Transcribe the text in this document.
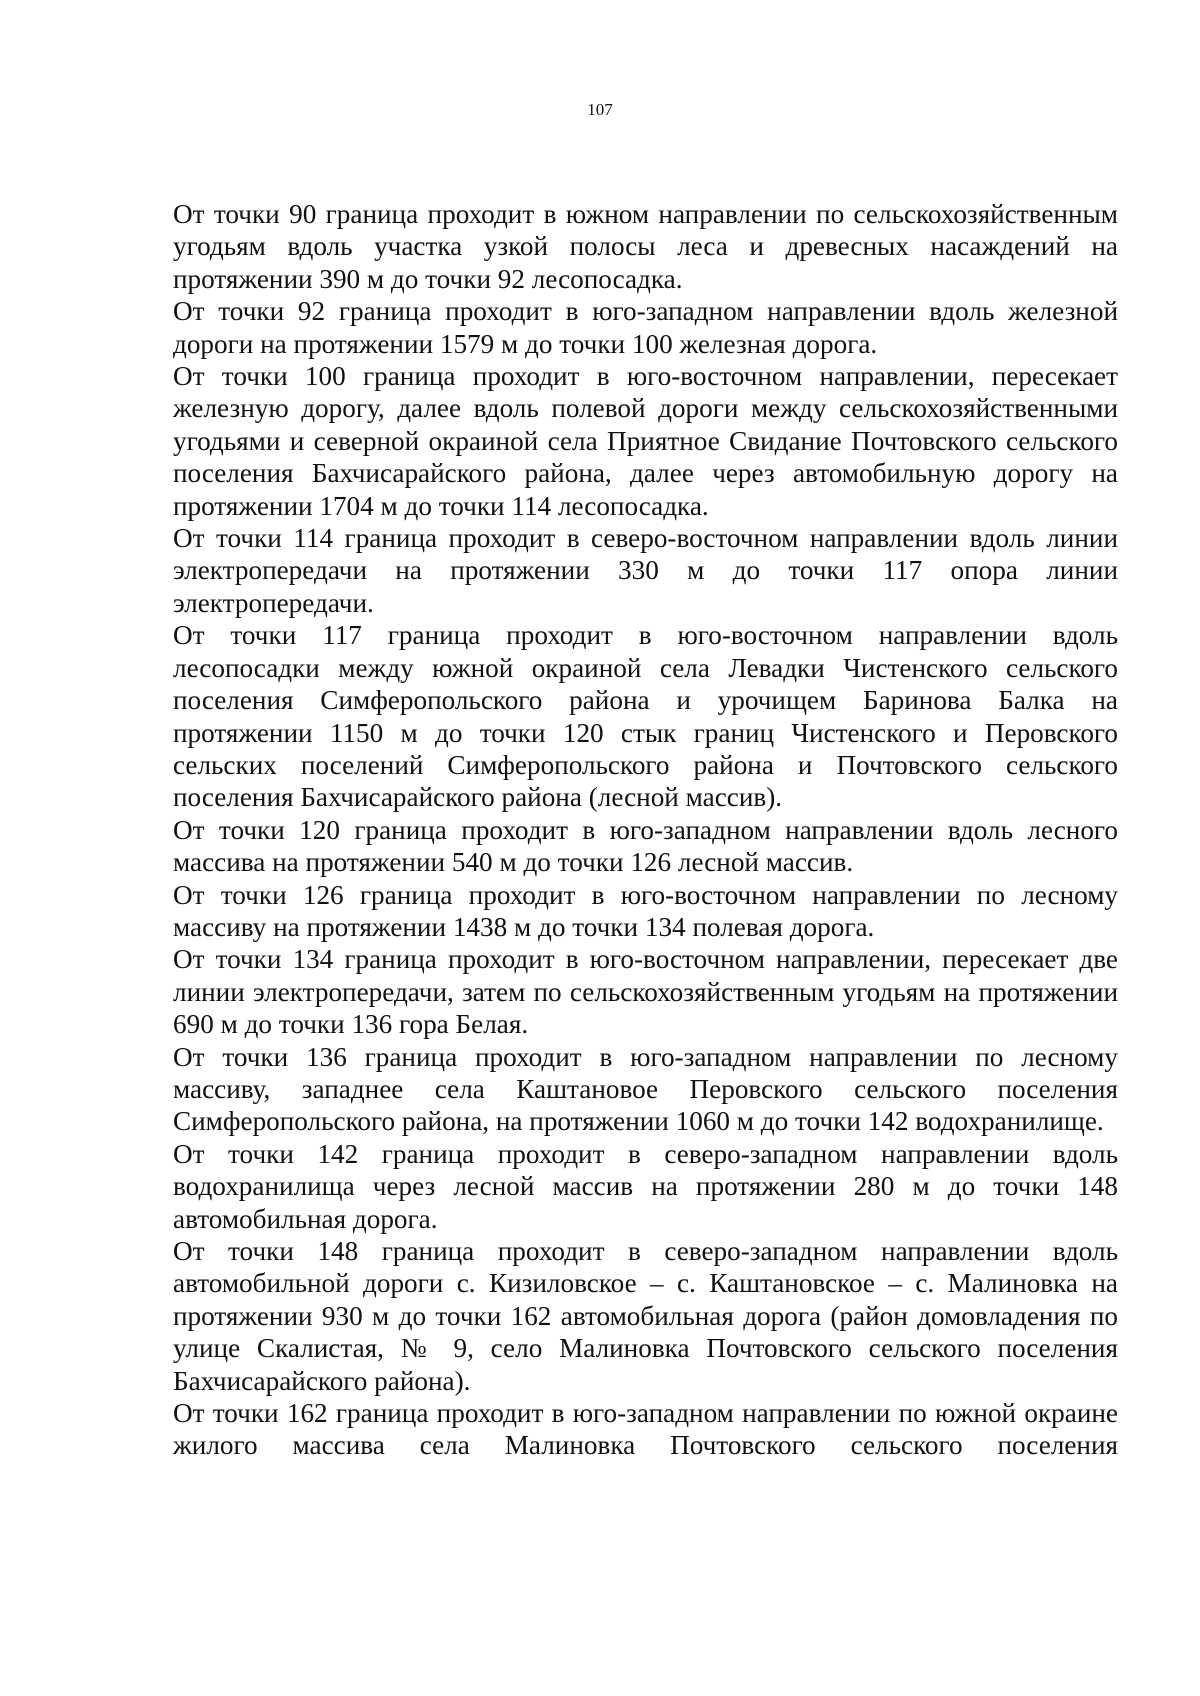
107

От точки 90 граница проходит в южном направлении по сельскохозяйственным угодьям вдоль участка узкой полосы леса и древесных насаждений на протяжении 390 м до точки 92 лесопосадка.

От точки 92 граница проходит в юго-западном направлении вдоль железной дороги на протяжении 1579 м до точки 100 железная дорога.

От точки 100 граница проходит в юго-восточном направлении, пересекает железную дорогу, далее вдоль полевой дороги между сельскохозяйственными угодьями и северной окраиной села Приятное Свидание Почтовского сельского поселения Бахчисарайского района, далее через автомобильную дорогу на протяжении 1704 м до точки 114 лесопосадка.

От точки 114 граница проходит в северо-восточном направлении вдоль линии электропередачи на протяжении 330 м до точки 117 опора линии электропередачи.

От точки 117 граница проходит в юго-восточном направлении вдоль лесопосадки между южной окраиной села Левадки Чистенского сельского поселения Симферопольского района и урочищем Баринова Балка на протяжении 1150 м до точки 120 стык границ Чистенского и Перовского сельских поселений Симферопольского района и Почтовского сельского поселения Бахчисарайского района (лесной массив).

От точки 120 граница проходит в юго-западном направлении вдоль лесного массива на протяжении 540 м до точки 126 лесной массив.

От точки 126 граница проходит в юго-восточном направлении по лесному массиву на протяжении 1438 м до точки 134 полевая дорога.

От точки 134 граница проходит в юго-восточном направлении, пересекает две линии электропередачи, затем по сельскохозяйственным угодьям на протяжении 690 м до точки 136 гора Белая.

От точки 136 граница проходит в юго-западном направлении по лесному массиву, западнее села Каштановое Перовского сельского поселения Симферопольского района, на протяжении 1060 м до точки 142 водохранилище.

От точки 142 граница проходит в северо-западном направлении вдоль водохранилища через лесной массив на протяжении 280 м до точки 148 автомобильная дорога.

От точки 148 граница проходит в северо-западном направлении вдоль автомобильной дороги с. Кизиловское – с. Каштановское – с. Малиновка на протяжении 930 м до точки 162 автомобильная дорога (район домовладения по улице Скалистая, № 9, село Малиновка Почтовского сельского поселения Бахчисарайского района).

От точки 162 граница проходит в юго-западном направлении по южной окраине жилого массива села Малиновка Почтовского сельского поселения
